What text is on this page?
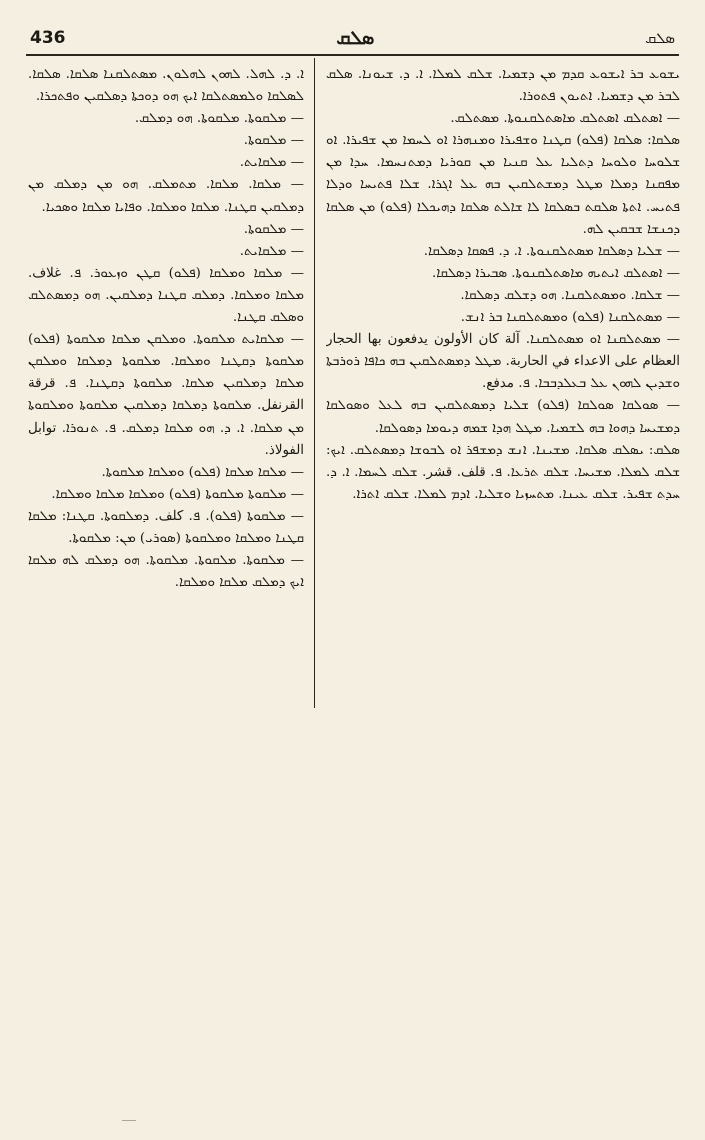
436	ܣܠܩ	ܣܠܩ

ܐ. ܕ. ܠܗܠ. ܠܗܘܢ ܠܗܠܘܢ. ܡܣܬܠܩܢܐ ܣܠܩܐ. ܣܠܩܐ. ܠܣܠܩܐ ܘܠܡܣܬܠܩܐ ܐܝܟ ܗܘ ܕܘܟܬܐ ܕܣܠܩܝܢ ܘܦܬܟܪܐ.

— ܡܠܩܘܬܐ. ܡܠܩܘܬܐ. ܗܘ ܕܡܠܩ.

— ܡܠܩܘܬܐ.

— ܡܠܩܐܝܬ.

— ܡܠܩܐ. ܡܠܩܐ. ܡܬܡܠܩ. ܗܘ ܡܢ ܕܡܠܩ ܡܢ ܕܡܠܩܝܢ ܩܛܢܐ. ܡܠܩܐ ܘܡܠܩܐ. ܘܦܐܝܐ ܡܠܩܐ ܘܣܟܝܐ.

— ܡܠܩܘܬܐ.

— ܡܠܩܐܝܬ.

— ܡܠܩܐ ܘܡܠܩܐ (ܦܠܘ) ܩܛܢ ܘܙܥܘܪ. ܦ. غلاف. ܡܠܩܐ ܘܡܠܩܐ. ܕܡܠܩ ܩܛܢܐ ܕܡܠܩܝܢ. ܗܘ ܕܡܣܬܠܩ ܘܣܠܩ ܩܛܢܐ.

— ܡܠܩܐܝܬ ܡܠܩܘܬܐ. ܘܡܠܩܢ ܡܠܩܐ ܡܠܩܘܬܐ (ܦܠܘ) ܡܠܩܘܬܐ ܕܩܛܢܐ ܘܡܠܩܐ. ܡܠܩܘܬܐ ܕܡܠܩܐ ܘܡܠܩܢ ܡܠܩܐ ܕܡܠܩܝܢ ܡܠܩܐ. ܡܠܩܘܬܐ ܕܩܛܢܐ. ܦ. قرقة القرنفل. ܡܠܩܘܬܐ ܕܡܠܩܐ ܕܡܠܩܝܢ ܡܠܩܘܬܐ ܘܡܠܩܘܬܐ ܡܢ ܡܠܩܐ. ܐ. ܕ. ܗܘ ܡܠܩܐ ܕܡܠܩ. ܦ. ܬܢܘܪܐ. توابل الفولاذ.

— ܡܠܩܐ ܡܠܩܐ (ܦܠܘ) ܘܡܠܩܐ ܡܠܩܘܬܐ.

— ܡܠܩܘܬܐ ܡܠܩܘܬܐ (ܦܠܘ) ܘܡܠܩܐ ܡܠܩܐ ܘܡܠܩܐ.

— ܡܠܩܘܬܐ (ܦܠܘ). ܦ. كلف. ܕܡܠܩܘܬܐ. ܩܛܢܐ: ܡܠܩܐ ܩܛܢܐ ܘܡܠܩܐ ܘܡܠܩܘܬܐ (ܣܘܪܝ) ܡܢ: ܡܠܩܘܬܐ.

— ܡܠܩܘܬܐ. ܡܠܩܘܬܐ. ܡܠܩܘܬܐ. ܗܘ ܕܡܠܩ ܠܗ ܡܠܩܐ ܐܝܟ ܕܡܠܩ ܡܠܩܐ ܘܡܠܩܐ.

ܝܫܘܥ ܒܪ ܐܝܫܘܥ ܩܕܡ ܡܢ ܕܫܡܝܐ. ܫܠܩ ܠܡܠܐ. ܐ. ܕ. ܫܝܘܢܐ. ܣܠܩ ܠܒܪ ܡܢ ܕܫܡܝܐ. ܐܬܝܘܢ ܦܬܘܪܐ.

— ܐܣܬܠܩ ܐܣܬܠܩ ܡܐܣܬܠܩܢܘܬܐ. ܡܣܬܠܩ.

ܣܠܩܐ: ܣܠܩܐ (ܦܠܘ) ܩܛܢܐ ܘܫܦܝܪܐ ܘܡܢܗܪܐ ܐܘ ܠܚܡܐ ܡܢ ܫܦܝܪܐ. ܐܘ ܫܠܘܚܐ ܘܠܘܚܐ ܕܬܠܝܐ ܥܠ ܩܢܝܐ ܡܢ ܩܘܪܝܐ ܕܡܬܢܚܡܐ. ܚܕܐ ܡܢ ܡܦܩܢܐ ܕܡܠܐ ܡܛܠ ܕܡܫܬܠܩܝܢ ܒܗ ܥܠ ܐܓܪܐ. ܫܠܐ ܦܬܝܚܐ ܘܕܠܐ ܦܬܝܚ. ܐܬܬܐ ܣܠܩܬ ܒܣܠܩܐ ܠܐ ܫܐܠܬ ܣܠܩܐ ܕܗܝܟܠܐ (ܦܠܘ) ܡܢ ܣܠܩܐ ܕܟܢܫܐ ܫܒܩܝܢ ܠܗ.

— ܫܠܝܐ ܕܣܠܩܐ ܡܣܬܠܩܢܘܬܐ. ܐ. ܕ. ܦܣܩܐ ܕܣܠܩܐ.

— ܐܣܬܠܩ ܐܝܬܝܗ ܡܐܣܬܠܩܢܘܬܐ. ܣܒܝܪܐ ܕܣܠܩܐ.

— ܫܠܩܐ. ܘܡܣܬܠܩܢܐ. ܗܘ ܕܫܠܩ ܕܣܠܩܐ.

— ܡܣܬܠܩܢܐ (ܦܠܘ) ܘܡܣܬܠܩܢܐ ܒܪ ܐܢܫ.

— ܡܣܬܠܩܢܐ ܐܘ ܡܣܬܠܩܢܐ. آلة كان الأولون يدفعون بها الحجار العظام على الاعداء في الحاربة. ܡܛܠ ܕܡܣܬܠܩܝܢ ܒܗ ܟܐܦܐ ܪܘܪܒܬܐ ܘܫܕܝܢ ܠܗܘܢ ܥܠ ܒܥܠܕܒܒܐ. ܦ. مدفع.

— ܣܘܠܩܐ ܣܘܠܩܐ (ܦܠܘ) ܫܠܝܐ ܕܡܣܬܠܩܝܢ ܒܗ ܠܥܠ ܘܣܘܠܩܐ ܕܡܫܝܚܐ ܕܗܘܐ ܒܗ ܠܫܡܝܐ. ܡܛܠ ܗܕܐ ܫܡܗ ܕܝܘܡܐ ܕܣܘܠܩܐ.

ܣܠܩ: ܝܣܠܩ ܣܠܩܐ. ܡܫܝܢܐ. ܐܢܫ ܕܡܫܦܪ ܐܘ ܠܒܘܫܐ ܕܡܣܬܠܩ. ܐܝܟ: ܫܠܩ ܠܡܠܐ. ܡܫܝܚܐ. ܫܠܩ ܬܪܥܐ. ܦ. قلف. قشر. ܫܠܩ ܠܚܡܐ. ܐ. ܕ. ܚܕܬ ܫܦܝܪ. ܫܠܩ ܥܝܢܐ. ܡܬܚܙܝܐ ܘܫܠܝܐ. ܐܕܡ ܠܡܠܐ. ܫܠܩ ܐܬܪܐ.
